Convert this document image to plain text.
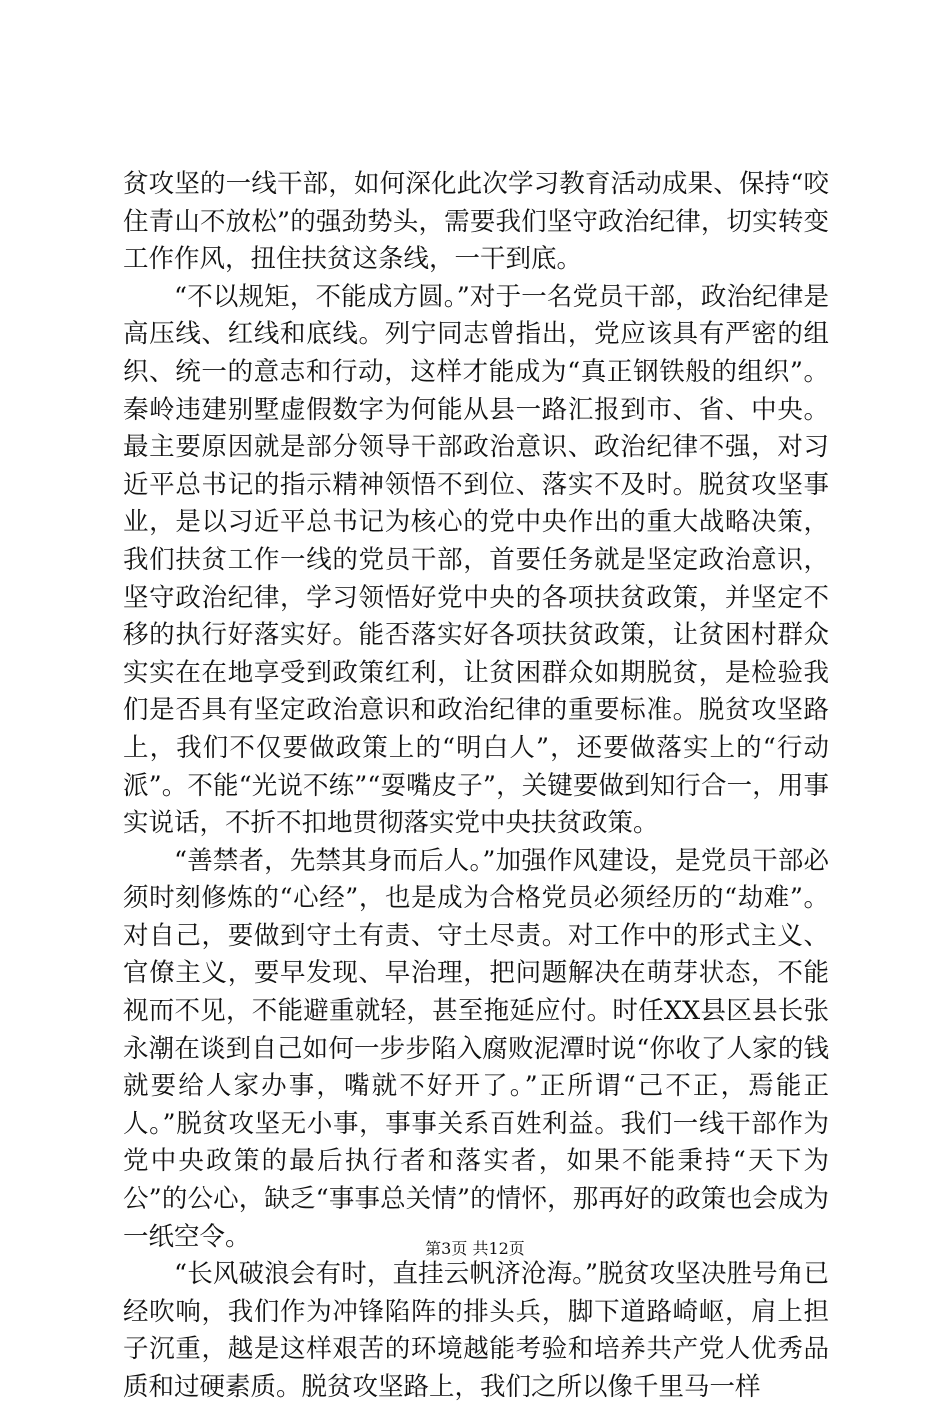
贫攻坚的一线干部，如何深化此次学习教育活动成果、保持“咬住青山不放松”的强劲势头，需要我们坚守政治纪律，切实转变工作作风，扭住扶贫这条线，一干到底。

“不以规矩，不能成方圆。”对于一名党员干部，政治纪律是高压线、红线和底线。列宁同志曾指出，党应该具有严密的组织、统一的意志和行动，这样才能成为“真正钢铁般的组织”。秦岭违建别墅虚假数字为何能从县一路汇报到市、省、中央。最主要原因就是部分领导干部政治意识、政治纪律不强，对习近平总书记的指示精神领悟不到位、落实不及时。脱贫攻坚事业，是以习近平总书记为核心的党中央作出的重大战略决策，我们扶贫工作一线的党员干部，首要任务就是坚定政治意识，坚守政治纪律，学习领悟好党中央的各项扶贫政策，并坚定不移的执行好落实好。能否落实好各项扶贫政策，让贫困村群众实实在在地享受到政策红利，让贫困群众如期脱贫，是检验我们是否具有坚定政治意识和政治纪律的重要标准。脱贫攻坚路上，我们不仅要做政策上的“明白人”，还要做落实上的“行动派”。不能“光说不练”“耍嘴皮子”，关键要做到知行合一，用事实说话，不折不扣地贯彻落实党中央扶贫政策。

“善禁者，先禁其身而后人。”加强作风建设，是党员干部必须时刻修炼的“心经”，也是成为合格党员必须经历的“劫难”。对自己，要做到守土有责、守土尽责。对工作中的形式主义、官僚主义，要早发现、早治理，把问题解决在萌芽状态，不能视而不见，不能避重就轻，甚至拖延应付。时任XX县区县长张永潮在谈到自己如何一步步陷入腐败泥潭时说“你收了人家的钱就要给人家办事，嘴就不好开了。”正所谓“己不正，焉能正人。”脱贫攻坚无小事，事事关系百姓利益。我们一线干部作为党中央政策的最后执行者和落实者，如果不能秉持“天下为公”的公心，缺乏“事事总关情”的情怀，那再好的政策也会成为一纸空令。

“长风破浪会有时，直挂云帆济沧海。”脱贫攻坚决胜号角已经吹响，我们作为冲锋陷阵的排头兵，脚下道路崎岖，肩上担子沉重，越是这样艰苦的环境越能考验和培养共产党人优秀品质和过硬素质。脱贫攻坚路上，我们之所以像千里马一样

第3页 共12页
